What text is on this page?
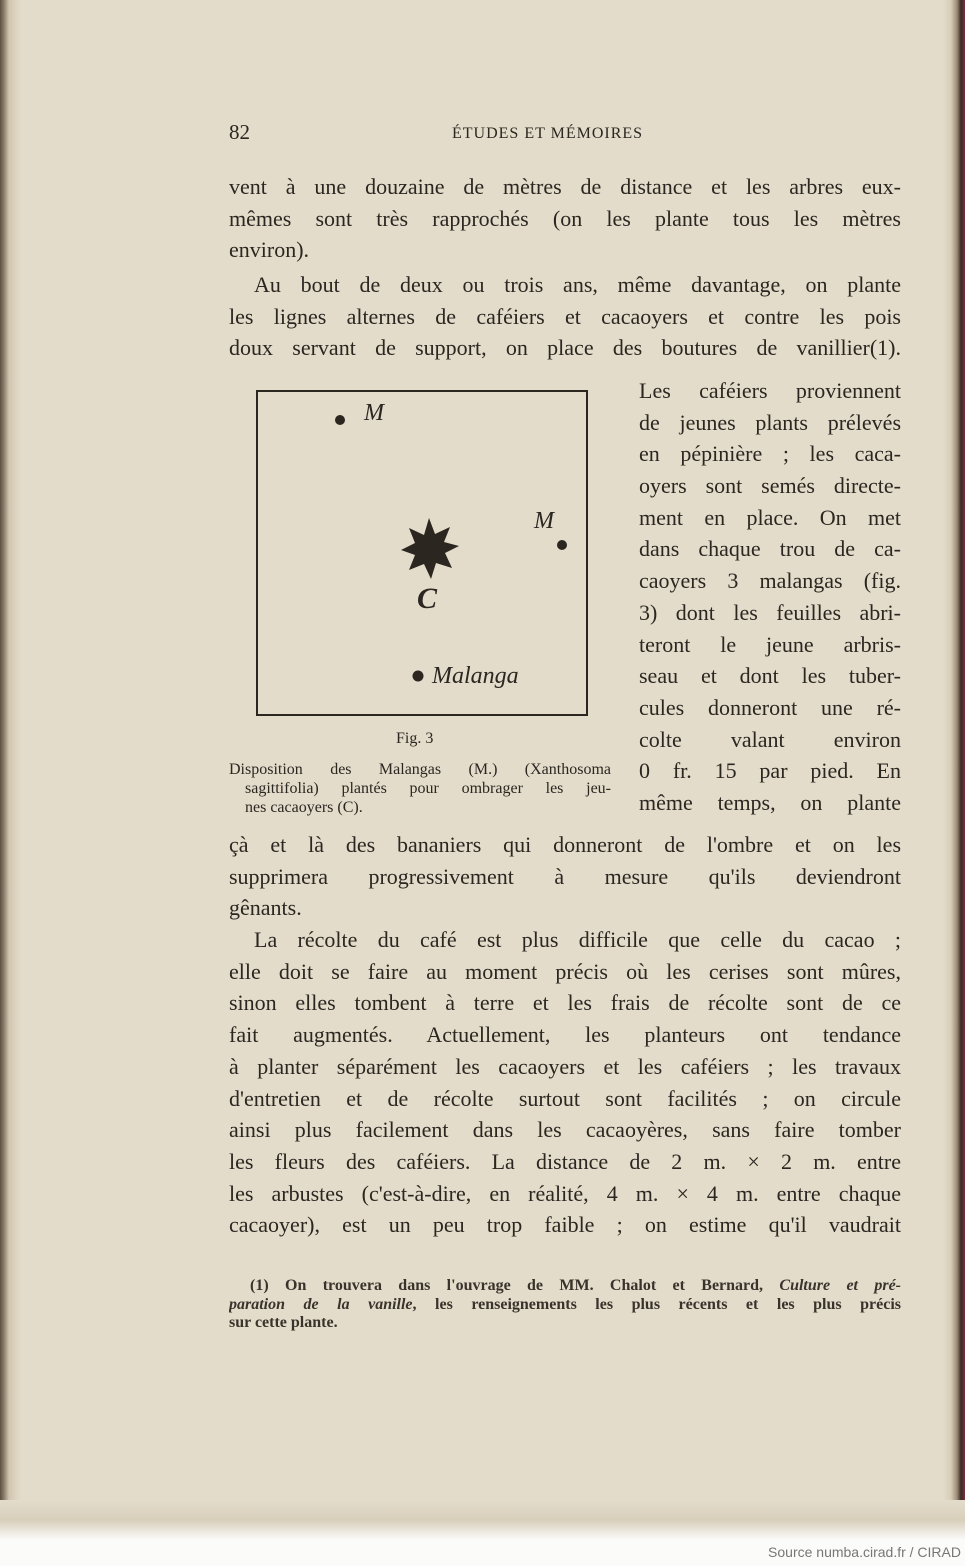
82	ÉTUDES ET MÉMOIRES
vent à une douzaine de mètres de distance et les arbres eux-
mêmes sont très rapprochés (on les plante tous les mètres
environ).
Au bout de deux ou trois ans, même davantage, on plante
les lignes alternes de caféiers et cacaoyers et contre les pois
doux servant de support, on place des boutures de vanillier(1).
M
M
C
Malanga
Fig. 3
Disposition des Malangas (M.) (Xanthosoma
sagittifolia) plantés pour ombrager les jeu-
nes cacaoyers (C).
Les caféiers proviennent
de jeunes plants prélevés
en pépinière ; les caca-
oyers sont semés directe-
ment en place. On met
dans chaque trou de ca-
caoyers 3 malangas (fig.
3) dont les feuilles abri-
teront le jeune arbris-
seau et dont les tuber-
cules donneront une ré-
colte valant environ
0 fr. 15 par pied. En
même temps, on plante
çà et là des bananiers qui donneront de l'ombre et on les
supprimera progressivement à mesure qu'ils deviendront
gênants.
La récolte du café est plus difficile que celle du cacao ;
elle doit se faire au moment précis où les cerises sont mûres,
sinon elles tombent à terre et les frais de récolte sont de ce
fait augmentés. Actuellement, les planteurs ont tendance
à planter séparément les cacaoyers et les caféiers ; les travaux
d'entretien et de récolte surtout sont facilités ; on circule
ainsi plus facilement dans les cacaoyères, sans faire tomber
les fleurs des caféiers. La distance de 2 m. × 2 m. entre
les arbustes (c'est-à-dire, en réalité, 4 m. × 4 m. entre chaque
cacaoyer), est un peu trop faible ; on estime qu'il vaudrait
(1) On trouvera dans l'ouvrage de MM. Chalot et Bernard, Culture et pré-
paration de la vanille, les renseignements les plus récents et les plus précis
sur cette plante.
Source numba.cirad.fr / CIRAD
